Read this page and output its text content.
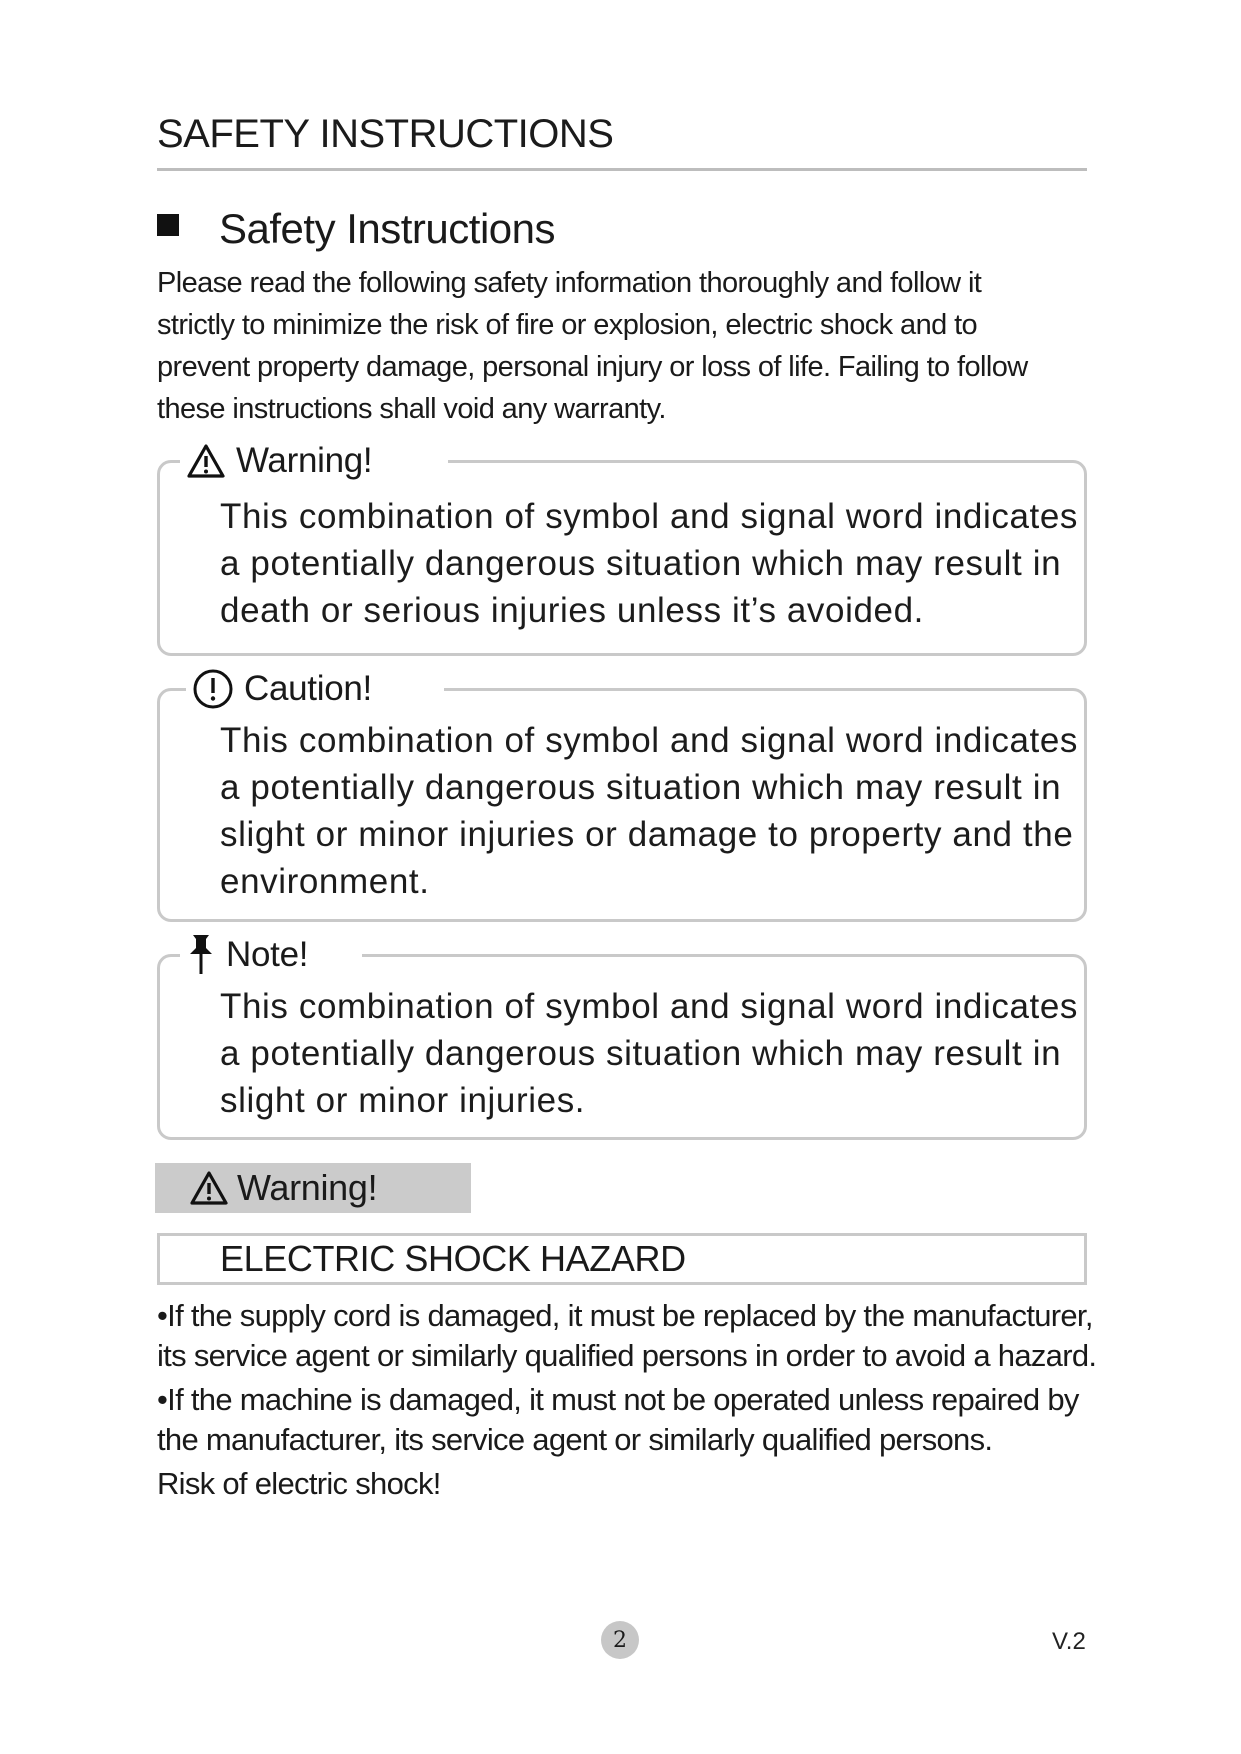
SAFETY INSTRUCTIONS
Safety Instructions
Please read the following safety information thoroughly and follow it
strictly to minimize the risk of fire or explosion, electric shock and to
prevent property damage, personal injury or loss of life. Failing to follow
these instructions shall void any warranty.
Warning!
This combination of symbol and signal word indicates
a potentially dangerous situation which may result in
death or serious injuries unless it’s avoided.
Caution!
This combination of symbol and signal word indicates
a potentially dangerous situation which may result in
slight or minor injuries or damage to property and the
environment.
Note!
This combination of symbol and signal word indicates
a potentially dangerous situation which may result in
slight or minor injuries.
Warning!
ELECTRIC SHOCK HAZARD

•If the supply cord is damaged, it must be replaced by the manufacturer,

its service agent or similarly qualified persons in order to avoid a hazard.

•If the machine is damaged, it must not be operated unless repaired by

the manufacturer, its service agent or similarly qualified persons.

Risk of electric shock!

2	V.2
